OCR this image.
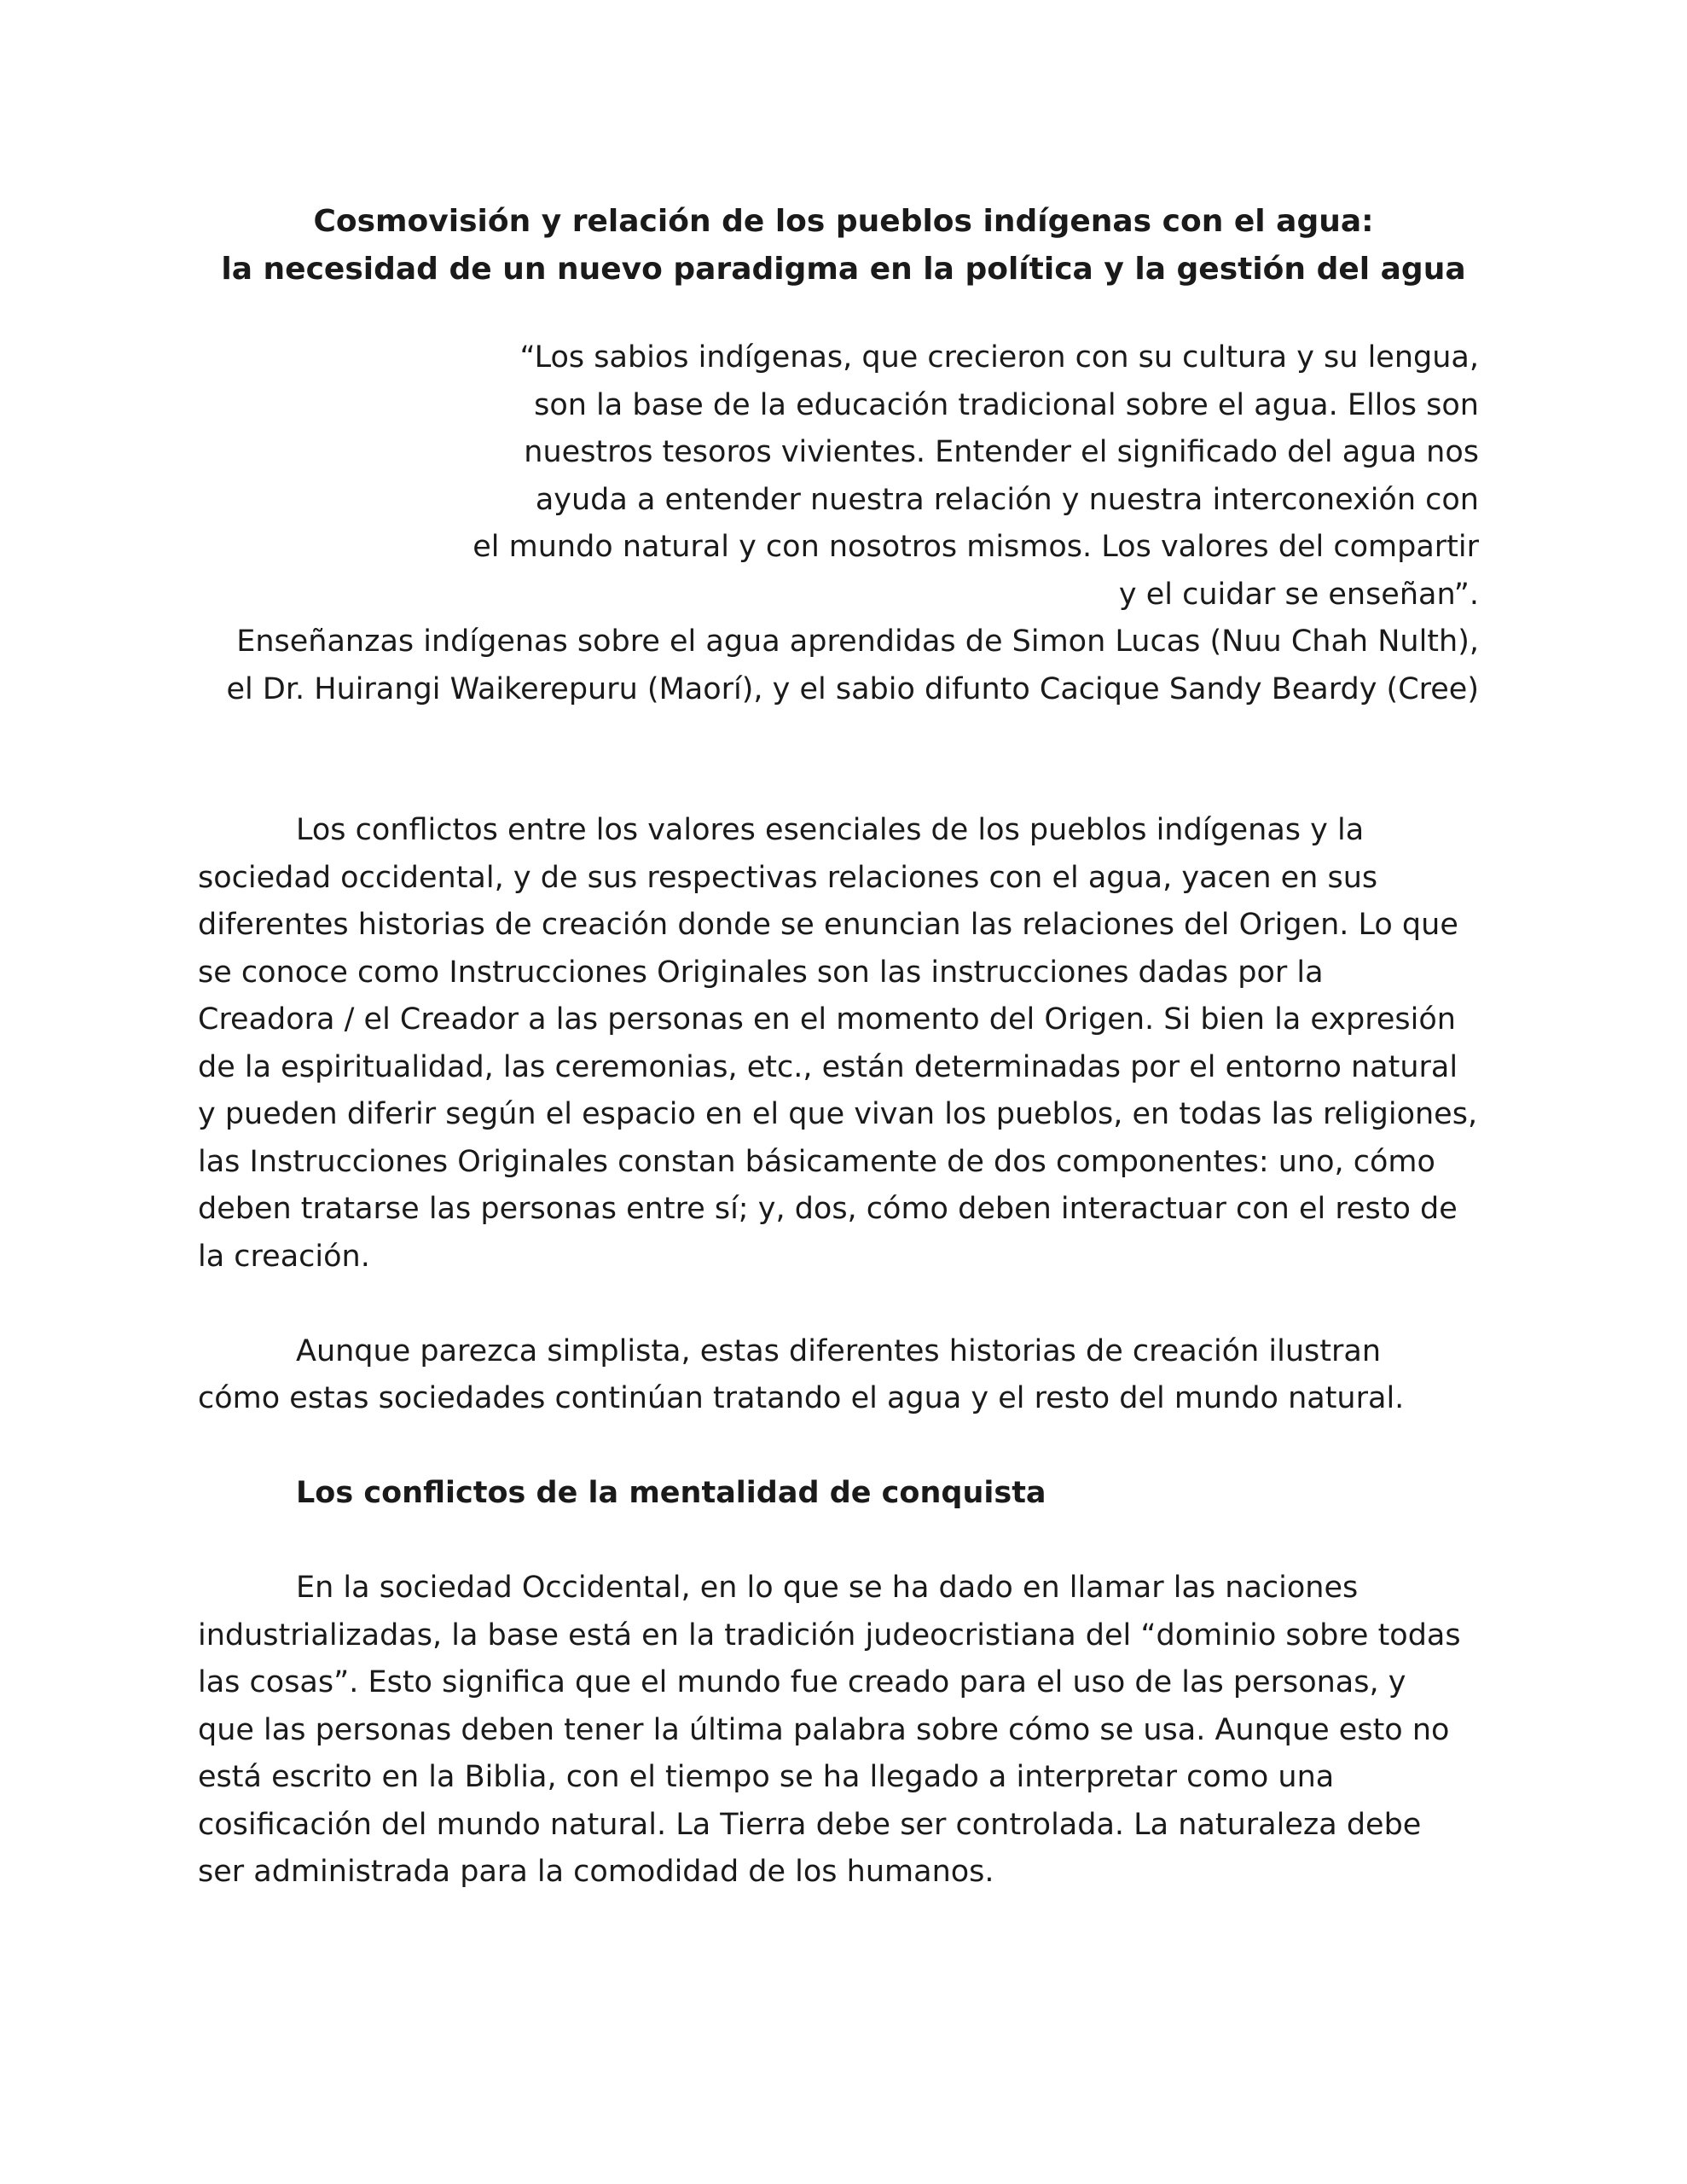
Cosmovisión y relación de los pueblos indígenas con el agua:
la necesidad de un nuevo paradigma en la política y la gestión del agua
“Los sabios indígenas, que crecieron con su cultura y su lengua,
son la base de la educación tradicional sobre el agua. Ellos son
nuestros tesoros vivientes. Entender el significado del agua nos
ayuda a entender nuestra relación y nuestra interconexión con
el mundo natural y con nosotros mismos. Los valores del compartir
y el cuidar se enseñan”.
Enseñanzas indígenas sobre el agua aprendidas de Simon Lucas (Nuu Chah Nulth),
el Dr. Huirangi Waikerepuru (Maorí), y el sabio difunto Cacique Sandy Beardy (Cree)

Los conflictos entre los valores esenciales de los pueblos indígenas y la
sociedad occidental, y de sus respectivas relaciones con el agua, yacen en sus
diferentes historias de creación donde se enuncian las relaciones del Origen. Lo que
se conoce como Instrucciones Originales son las instrucciones dadas por la
Creadora / el Creador a las personas en el momento del Origen. Si bien la expresión
de la espiritualidad, las ceremonias, etc., están determinadas por el entorno natural
y pueden diferir según el espacio en el que vivan los pueblos, en todas las religiones,
las Instrucciones Originales constan básicamente de dos componentes: uno, cómo
deben tratarse las personas entre sí; y, dos, cómo deben interactuar con el resto de
la creación.

Aunque parezca simplista, estas diferentes historias de creación ilustran
cómo estas sociedades continúan tratando el agua y el resto del mundo natural.

Los conflictos de la mentalidad de conquista

En la sociedad Occidental, en lo que se ha dado en llamar las naciones
industrializadas, la base está en la tradición judeocristiana del “dominio sobre todas
las cosas”. Esto significa que el mundo fue creado para el uso de las personas, y
que las personas deben tener la última palabra sobre cómo se usa. Aunque esto no
está escrito en la Biblia, con el tiempo se ha llegado a interpretar como una
cosificación del mundo natural. La Tierra debe ser controlada. La naturaleza debe
ser administrada para la comodidad de los humanos.
